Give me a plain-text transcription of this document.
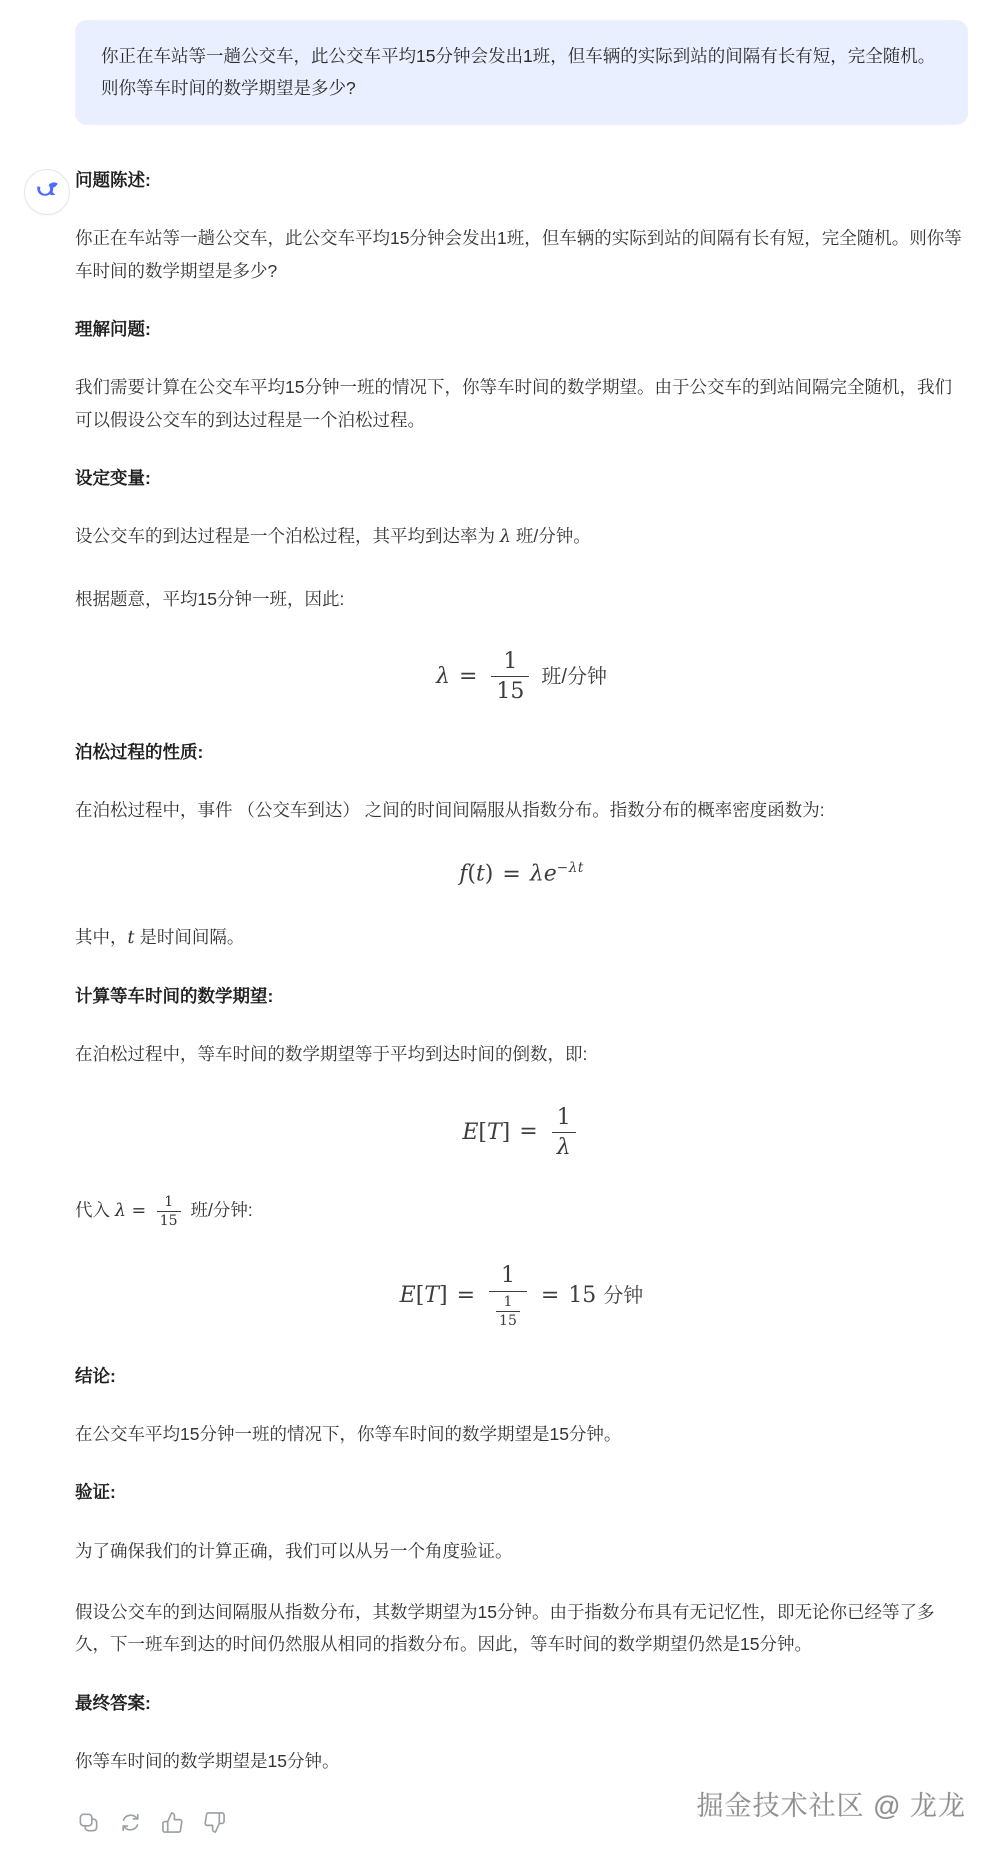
你正在车站等一趟公交车，此公交车平均15分钟会发出1班，但车辆的实际到站的间隔有长有短，完全随机。则你等车时间的数学期望是多少?
问题陈述:

你正在车站等一趟公交车，此公交车平均15分钟会发出1班，但车辆的实际到站的间隔有长有短，完全随机。则你等车时间的数学期望是多少?

理解问题:

我们需要计算在公交车平均15分钟一班的情况下，你等车时间的数学期望。由于公交车的到站间隔完全随机，我们可以假设公交车的到达过程是一个泊松过程。

设定变量:

设公交车的到达过程是一个泊松过程，其平均到达率为 λ 班/分钟。

根据题意，平均15分钟一班，因此:

$\lambda = \frac{1}{15}$ 班/分钟
泊松过程的性质:

在泊松过程中，事件 （公交车到达） 之间的时间间隔服从指数分布。指数分布的概率密度函数为:

$f(t) = \lambda e^{-\lambda t}$

其中，t 是时间间隔。

计算等车时间的数学期望:

在泊松过程中，等车时间的数学期望等于平均到达时间的倒数，即:

$E[T] = \frac{1}{\lambda}$

代入 $\lambda = \frac{1}{15}$ 班/分钟:

$E[T] = \frac{1}{\frac{1}{15}} = 15$ 分钟
结论:

在公交车平均15分钟一班的情况下，你等车时间的数学期望是15分钟。

验证:

为了确保我们的计算正确，我们可以从另一个角度验证。

假设公交车的到达间隔服从指数分布，其数学期望为15分钟。由于指数分布具有无记忆性，即无论你已经等了多久，下一班车到达的时间仍然服从相同的指数分布。因此，等车时间的数学期望仍然是15分钟。

最终答案:

你等车时间的数学期望是15分钟。

掘金技术社区 @ 龙龙
